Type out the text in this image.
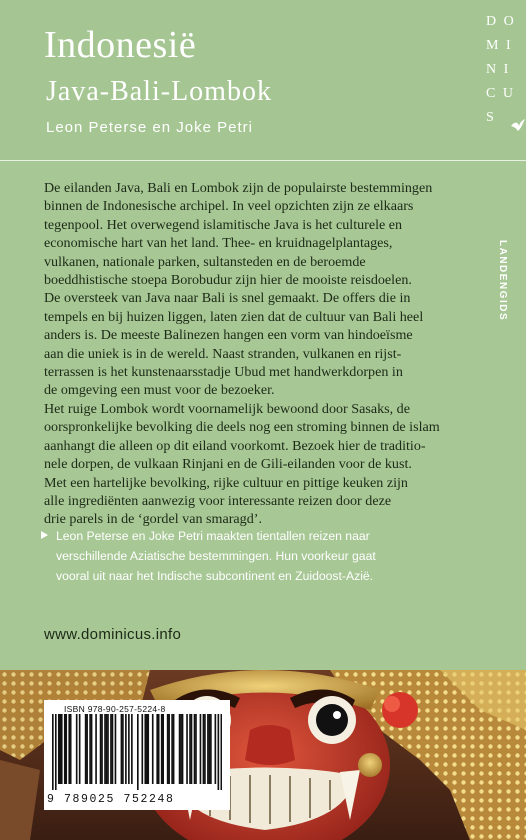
Indonesië
Java-Bali-Lombok
Leon Peterse en Joke Petri
D O
M I
N I
C U
S
LANDENGIDS
De eilanden Java, Bali en Lombok zijn de populairste bestemmingen
binnen de Indonesische archipel. In veel opzichten zijn ze elkaars
tegenpool. Het overwegend islamitische Java is het culturele en
economische hart van het land. Thee- en kruidnagelplantages,
vulkanen, nationale parken, sultansteden en de beroemde
boeddhistische stoepa Borobudur zijn hier de mooiste reisdoelen.
De oversteek van Java naar Bali is snel gemaakt. De offers die in
tempels en bij huizen liggen, laten zien dat de cultuur van Bali heel
anders is. De meeste Balinezen hangen een vorm van hindoeïsme
aan die uniek is in de wereld. Naast stranden, vulkanen en rijst-
terrassen is het kunstenaarsstadje Ubud met handwerkdorpen in
de omgeving een must voor de bezoeker.
Het ruige Lombok wordt voornamelijk bewoond door Sasaks, de
oorspronkelijke bevolking die deels nog een stroming binnen de islam
aanhangt die alleen op dit eiland voorkomt. Bezoek hier de traditio-
nele dorpen, de vulkaan Rinjani en de Gili-eilanden voor de kust.
Met een hartelijke bevolking, rijke cultuur en pittige keuken zijn
alle ingrediënten aanwezig voor interessante reizen door deze
drie parels in de ‘gordel van smaragd’.
Leon Peterse en Joke Petri maakten tientallen reizen naar
verschillende Aziatische bestemmingen. Hun voorkeur gaat
vooral uit naar het Indische subcontinent en Zuidoost-Azië.
www.dominicus.info
ISBN 978-90-257-5224-8
9 789025 752248
